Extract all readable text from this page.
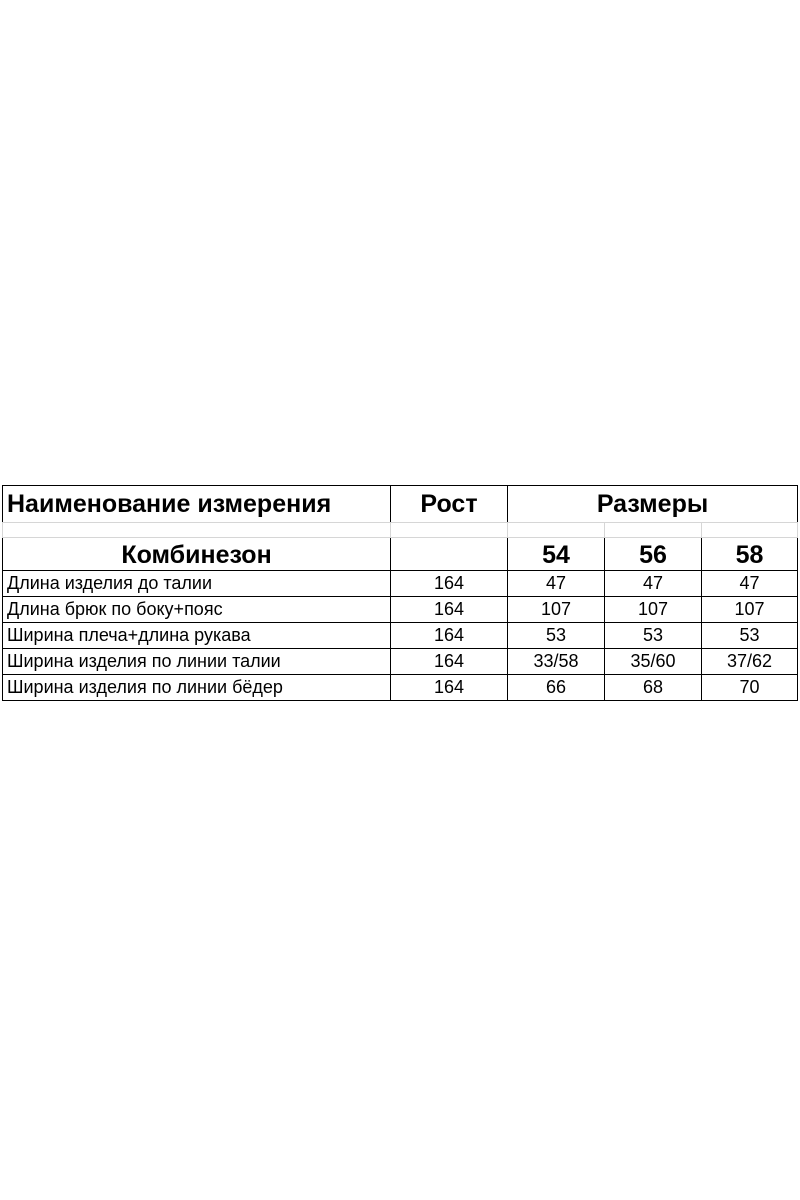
Наименование измерения	Рост	Размеры		

Комбинезон		54	56	58
Длина изделия до талии	164	47	47	47
Длина брюк по боку+пояс	164	107	107	107
Ширина плеча+длина рукава	164	53	53	53
Ширина изделия по линии талии	164	33/58	35/60	37/62
Ширина изделия по линии бёдер	164	66	68	70
